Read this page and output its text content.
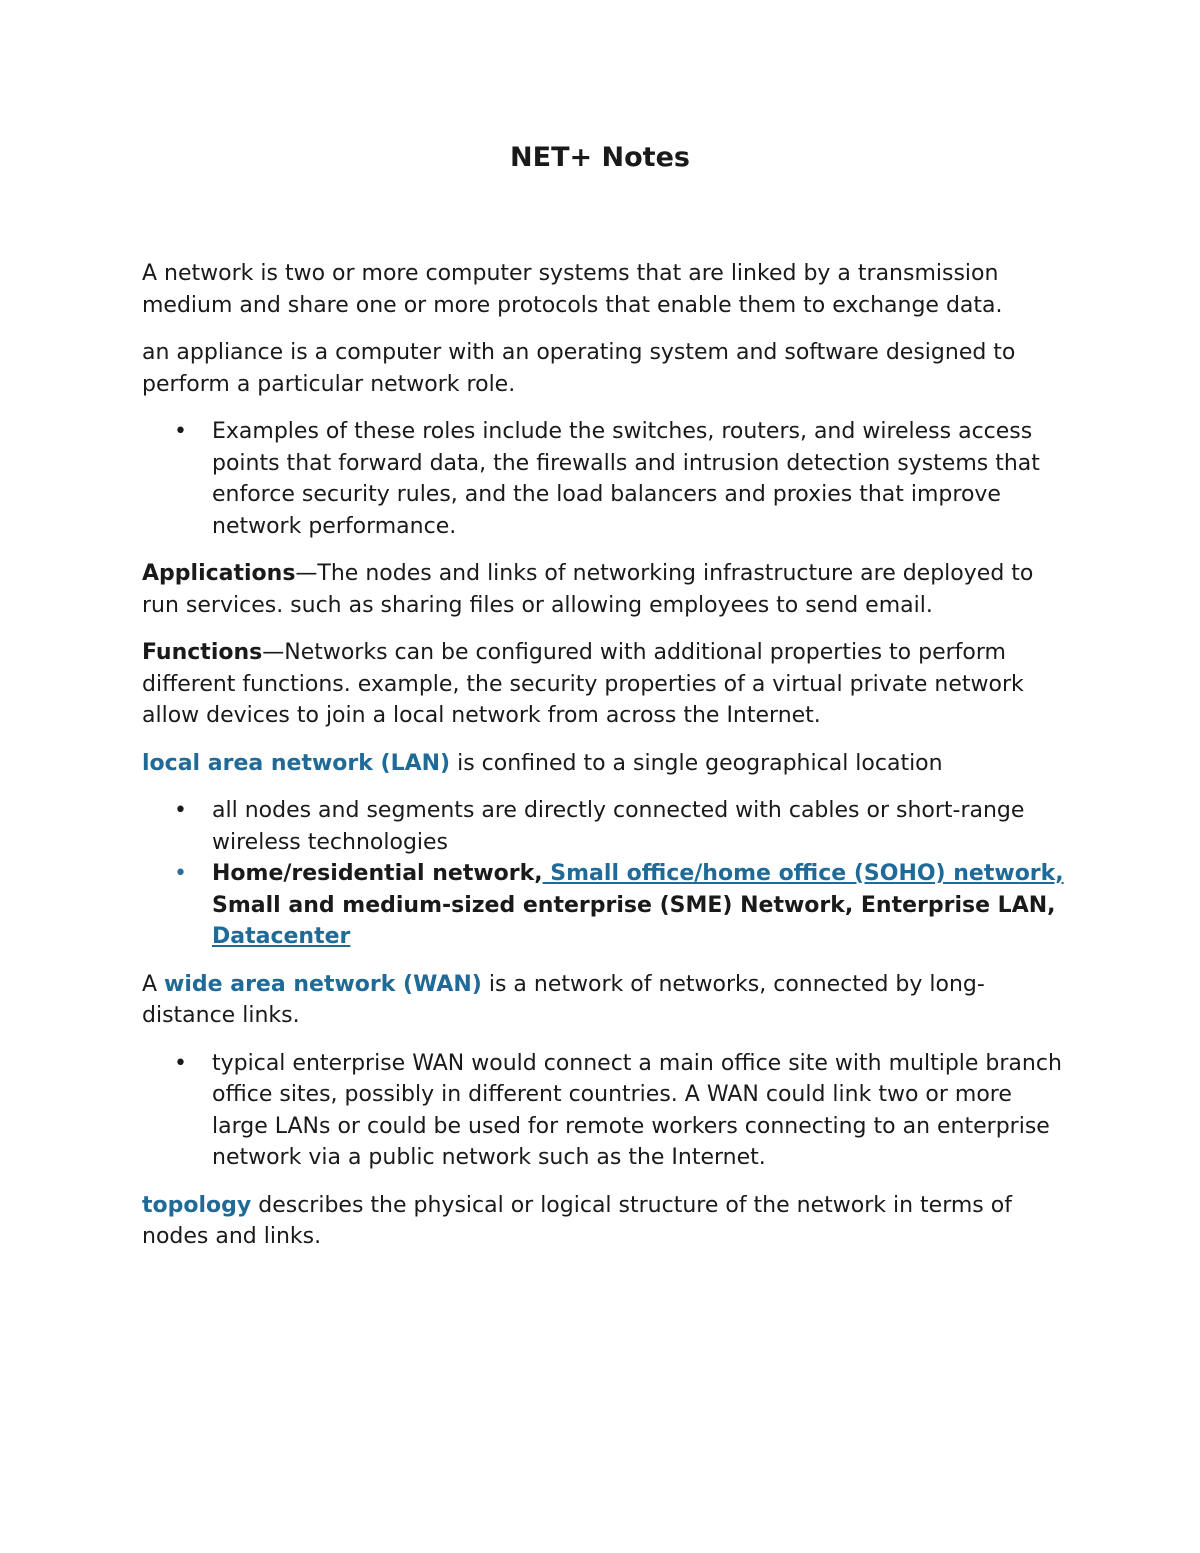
NET+ Notes

A network is two or more computer systems that are linked by a transmission medium and share one or more protocols that enable them to exchange data.

an appliance is a computer with an operating system and software designed to perform a particular network role.

• Examples of these roles include the switches, routers, and wireless access points that forward data, the firewalls and intrusion detection systems that enforce security rules, and the load balancers and proxies that improve network performance.

Applications—The nodes and links of networking infrastructure are deployed to run services. such as sharing files or allowing employees to send email.

Functions—Networks can be configured with additional properties to perform different functions. example, the security properties of a virtual private network allow devices to join a local network from across the Internet.

local area network (LAN) is confined to a single geographical location

• all nodes and segments are directly connected with cables or short-range wireless technologies
• Home/residential network, Small office/home office (SOHO) network, Small and medium-sized enterprise (SME) Network, Enterprise LAN, Datacenter

A wide area network (WAN) is a network of networks, connected by long-distance links.

• typical enterprise WAN would connect a main office site with multiple branch office sites, possibly in different countries. A WAN could link two or more large LANs or could be used for remote workers connecting to an enterprise network via a public network such as the Internet.

topology describes the physical or logical structure of the network in terms of nodes and links.
